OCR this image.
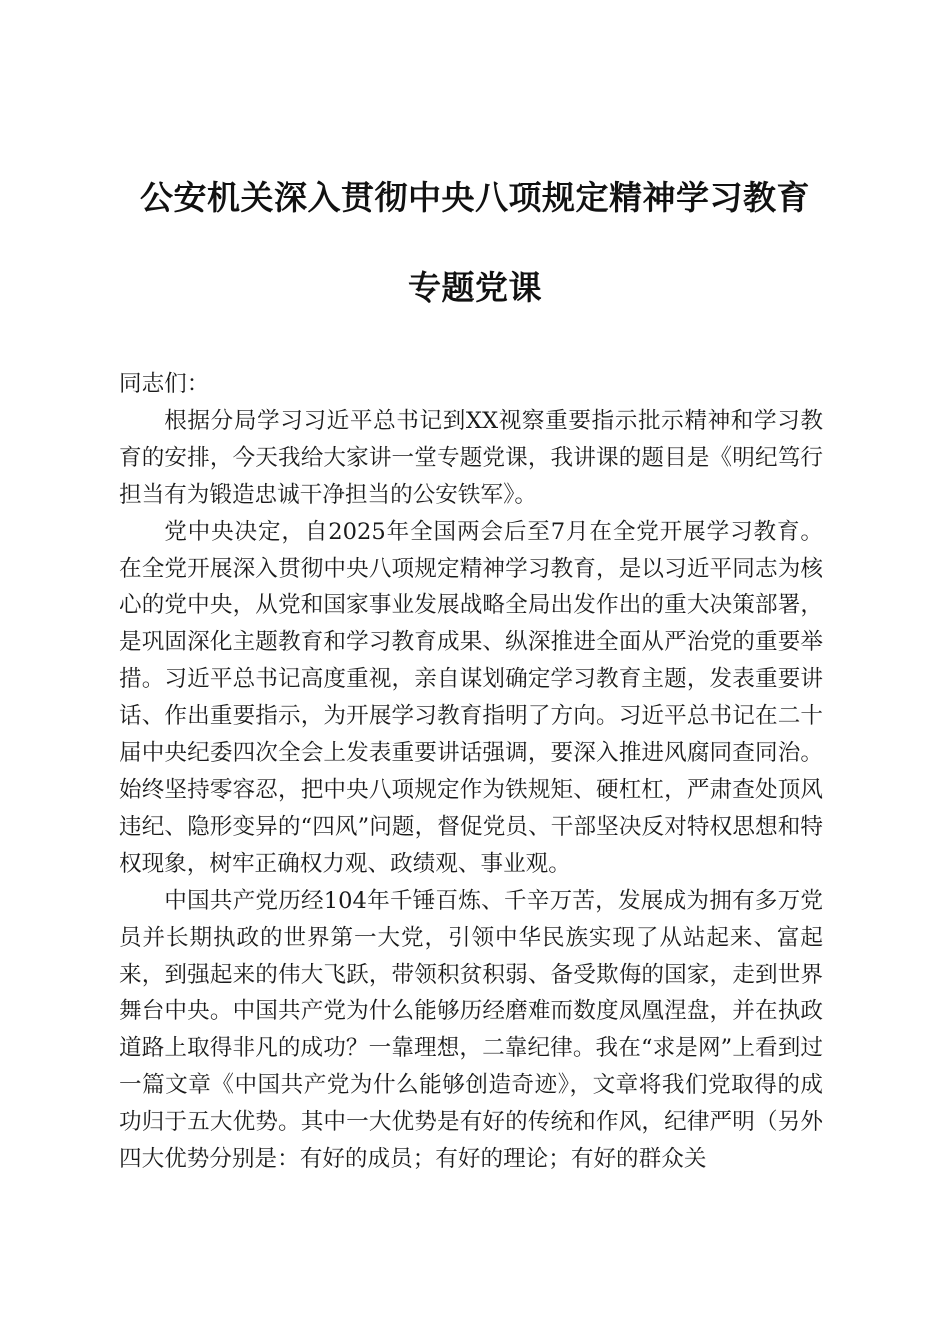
公安机关深入贯彻中央八项规定精神学习教育
专题党课

同志们：

根据分局学习习近平总书记到XX视察重要指示批示精神和学习教育的安排，今天我给大家讲一堂专题党课，我讲课的题目是《明纪笃行担当有为锻造忠诚干净担当的公安铁军》。

党中央决定，自2025年全国两会后至7月在全党开展学习教育。在全党开展深入贯彻中央八项规定精神学习教育，是以习近平同志为核心的党中央，从党和国家事业发展战略全局出发作出的重大决策部署，是巩固深化主题教育和学习教育成果、纵深推进全面从严治党的重要举措。习近平总书记高度重视，亲自谋划确定学习教育主题，发表重要讲话、作出重要指示，为开展学习教育指明了方向。习近平总书记在二十届中央纪委四次全会上发表重要讲话强调，要深入推进风腐同查同治。始终坚持零容忍，把中央八项规定作为铁规矩、硬杠杠，严肃查处顶风违纪、隐形变异的“四风”问题，督促党员、干部坚决反对特权思想和特权现象，树牢正确权力观、政绩观、事业观。

中国共产党历经104年千锤百炼、千辛万苦，发展成为拥有多万党员并长期执政的世界第一大党，引领中华民族实现了从站起来、富起来，到强起来的伟大飞跃，带领积贫积弱、备受欺侮的国家，走到世界舞台中央。中国共产党为什么能够历经磨难而数度凤凰涅盘，并在执政道路上取得非凡的成功？一靠理想，二靠纪律。我在“求是网”上看到过一篇文章《中国共产党为什么能够创造奇迹》，文章将我们党取得的成功归于五大优势。其中一大优势是有好的传统和作风，纪律严明（另外四大优势分别是：有好的成员；有好的理论；有好的群众关
